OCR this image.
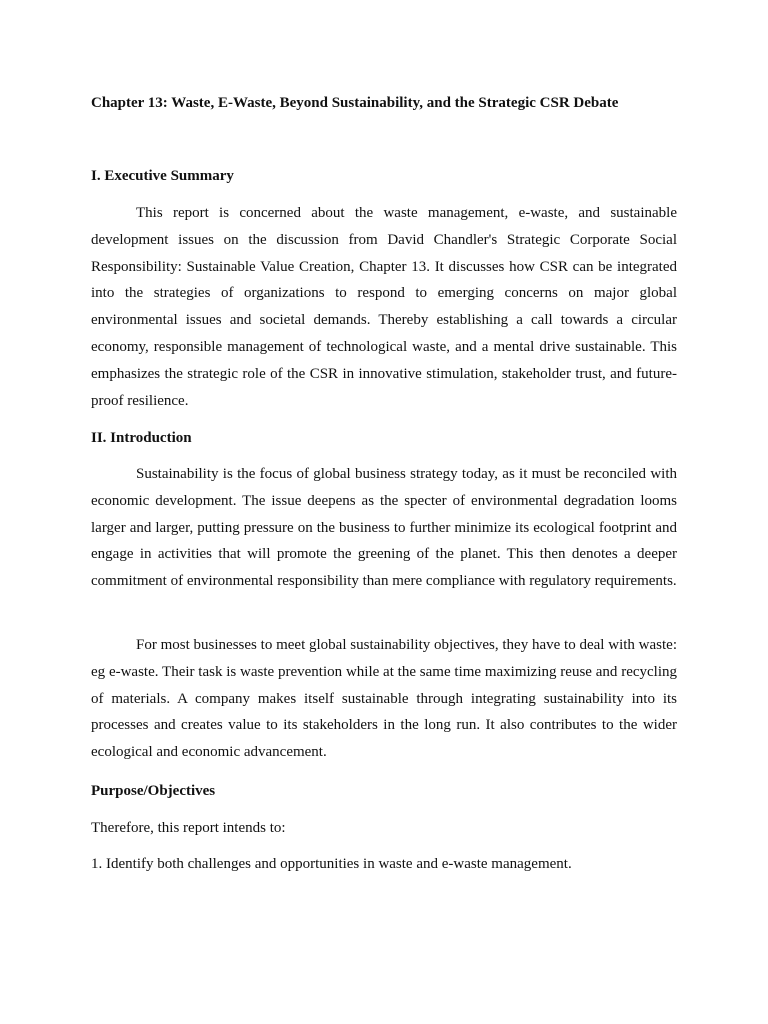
Chapter 13: Waste, E-Waste, Beyond Sustainability, and the Strategic CSR Debate
I. Executive Summary

This report is concerned about the waste management, e-waste, and sustainable development issues on the discussion from David Chandler's Strategic Corporate Social Responsibility: Sustainable Value Creation, Chapter 13. It discusses how CSR can be integrated into the strategies of organizations to respond to emerging concerns on major global environmental issues and societal demands. Thereby establishing a call towards a circular economy, responsible management of technological waste, and a mental drive sustainable. This emphasizes the strategic role of the CSR in innovative stimulation, stakeholder trust, and future-proof resilience.

II. Introduction

Sustainability is the focus of global business strategy today, as it must be reconciled with economic development. The issue deepens as the specter of environmental degradation looms larger and larger, putting pressure on the business to further minimize its ecological footprint and engage in activities that will promote the greening of the planet. This then denotes a deeper commitment of environmental responsibility than mere compliance with regulatory requirements.

For most businesses to meet global sustainability objectives, they have to deal with waste: eg e-waste. Their task is waste prevention while at the same time maximizing reuse and recycling of materials. A company makes itself sustainable through integrating sustainability into its processes and creates value to its stakeholders in the long run. It also contributes to the wider ecological and economic advancement.

Purpose/Objectives
Therefore, this report intends to:
1. Identify both challenges and opportunities in waste and e-waste management.
